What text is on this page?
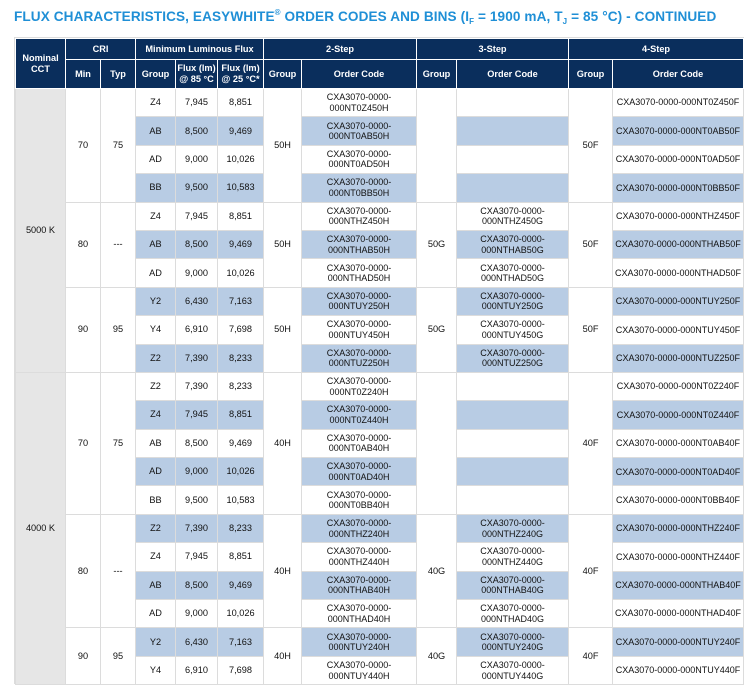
FLUX CHARACTERISTICS, EASYWHITE® ORDER CODES AND BINS ($I_F = 1900$ mA, $T_J = 85$ °C) - CONTINUED
Nominal CCT	CRI		Minimum Luminous Flux			2-Step		3-Step		4-Step	
	Min	Typ	Group	Flux (lm) @ 85 °C	Flux (lm) @ 25 °C*	Group	Order Code	Group	Order Code	Group	Order Code
5000 K	70	75	Z4	7,945	8,851	50H	CXA3070-0000-000NT0Z450H			50F	CXA3070-0000-000NT0Z450F
			AB	8,500	9,469		CXA3070-0000-000NT0AB50H				CXA3070-0000-000NT0AB50F
			AD	9,000	10,026		CXA3070-0000-000NT0AD50H				CXA3070-0000-000NT0AD50F
			BB	9,500	10,583		CXA3070-0000-000NT0BB50H				CXA3070-0000-000NT0BB50F
	80	---	Z4	7,945	8,851	50H	CXA3070-0000-000NTHZ450H	50G	CXA3070-0000-000NTHZ450G	50F	CXA3070-0000-000NTHZ450F
			AB	8,500	9,469		CXA3070-0000-000NTHAB50H		CXA3070-0000-000NTHAB50G		CXA3070-0000-000NTHAB50F
			AD	9,000	10,026		CXA3070-0000-000NTHAD50H		CXA3070-0000-000NTHAD50G		CXA3070-0000-000NTHAD50F
	90	95	Y2	6,430	7,163	50H	CXA3070-0000-000NTUY250H	50G	CXA3070-0000-000NTUY250G	50F	CXA3070-0000-000NTUY250F
			Y4	6,910	7,698		CXA3070-0000-000NTUY450H		CXA3070-0000-000NTUY450G		CXA3070-0000-000NTUY450F
			Z2	7,390	8,233		CXA3070-0000-000NTUZ250H		CXA3070-0000-000NTUZ250G		CXA3070-0000-000NTUZ250F
4000 K	70	75	Z2	7,390	8,233	40H	CXA3070-0000-000NT0Z240H			40F	CXA3070-0000-000NT0Z240F
			Z4	7,945	8,851		CXA3070-0000-000NT0Z440H				CXA3070-0000-000NT0Z440F
			AB	8,500	9,469		CXA3070-0000-000NT0AB40H				CXA3070-0000-000NT0AB40F
			AD	9,000	10,026		CXA3070-0000-000NT0AD40H				CXA3070-0000-000NT0AD40F
			BB	9,500	10,583		CXA3070-0000-000NT0BB40H				CXA3070-0000-000NT0BB40F
	80	---	Z2	7,390	8,233	40H	CXA3070-0000-000NTHZ240H	40G	CXA3070-0000-000NTHZ240G	40F	CXA3070-0000-000NTHZ240F
			Z4	7,945	8,851		CXA3070-0000-000NTHZ440H		CXA3070-0000-000NTHZ440G		CXA3070-0000-000NTHZ440F
			AB	8,500	9,469		CXA3070-0000-000NTHAB40H		CXA3070-0000-000NTHAB40G		CXA3070-0000-000NTHAB40F
			AD	9,000	10,026		CXA3070-0000-000NTHAD40H		CXA3070-0000-000NTHAD40G		CXA3070-0000-000NTHAD40F
	90	95	Y2	6,430	7,163	40H	CXA3070-0000-000NTUY240H	40G	CXA3070-0000-000NTUY240G	40F	CXA3070-0000-000NTUY240F
			Y4	6,910	7,698		CXA3070-0000-000NTUY440H		CXA3070-0000-000NTUY440G		CXA3070-0000-000NTUY440F
